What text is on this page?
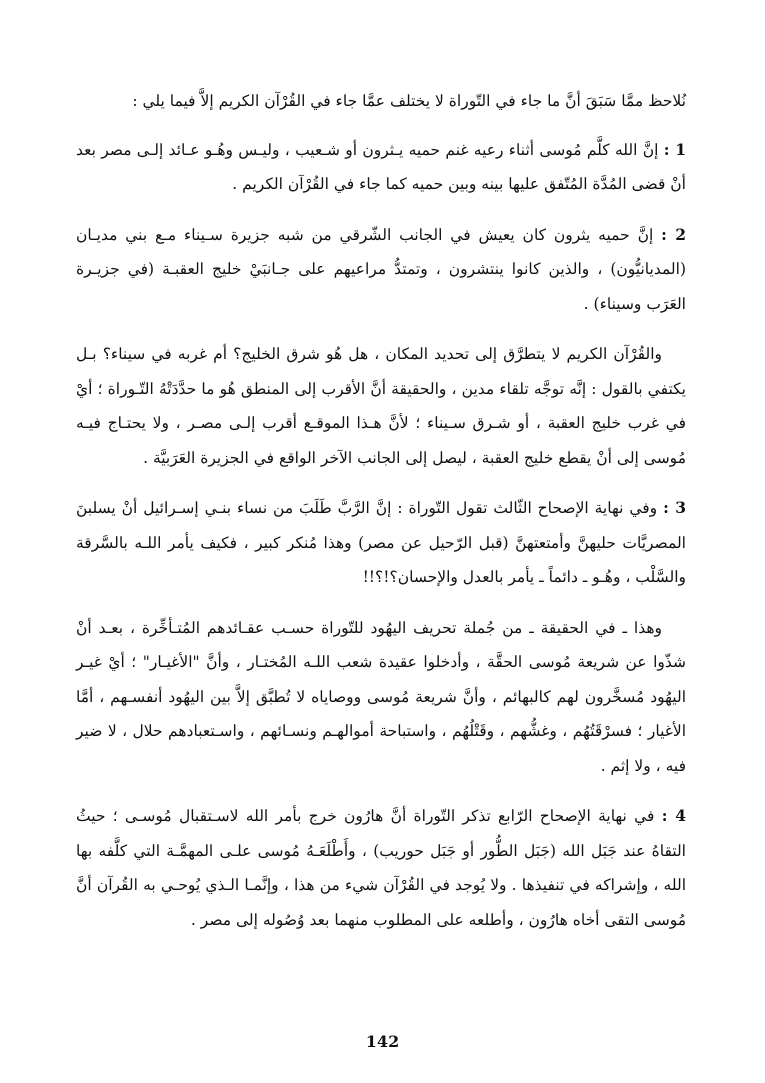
نُلاحظ ممَّا سَبَقَ أنَّ ما جاء في التّوراة لا يختلف عمَّا جاء في القُرْآن الكريم إلاَّ فيما يلي :

1 : إنَّ الله كلَّم مُوسى أثناء رعيه غنم حميه يـثرون أو شـعيب ، وليـس وهُـو عـائد إلـى مصر بعد أنْ قضى المُدَّة المُتّفق عليها بينه وبين حميه كما جاء في القُرْآن الكريم .

2 : إنَّ حميه يثرون كان يعيش في الجانب الشّرقي من شبه جزيرة سـيناء مـع بني مديـان (المديانيُّون) ، والذين كانوا ينتشرون ، وتمتدُّ مراعيهم على جـانبَيْ خليج العقبـة (في جزيـرة العَرَب وسيناء) .

والقُرْآن الكريم لا يتطرَّق إلى تحديد المكان ، هل هُو شرق الخليج؟ أم غربه في سيناء؟ بـل يكتفي بالقول : إنَّه توجَّه تلقاء مدين ، والحقيقة أنَّ الأقرب إلى المنطق هُو ما حدَّدَتْهُ التّـوراة ؛ أيْ في غرب خليج العقبة ، أو شـرق سـيناء ؛ لأنَّ هـذا الموقـع أقرب إلـى مصـر ، ولا يحتـاج فيـه مُوسى إلى أنْ يقطع خليج العقبة ، ليصل إلى الجانب الآخر الواقع في الجزيرة العَرَبيَّة .

3 : وفي نهاية الإصحاح الثّالث تقول التّوراة : إنَّ الرَّبَّ طَلَبَ من نساء بنـي إسـرائيل أنْ يسلبنَ المصريَّات حليهنَّ وأمتعتهنَّ (قبل الرّحيل عن مصر) وهذا مُنكر كبير ، فكيف يأمر اللـه بالسَّرقة والسَّلْب ، وهُـو ـ دائماً ـ يأمر بالعدل والإحسان؟!؟!!

وهذا ـ في الحقيقة ـ من جُملة تحريف اليهُود للتّوراة حسـب عقـائدهم المُتـأخِّرة ، بعـد أنْ شذّوا عن شريعة مُوسى الحقَّة ، وأدخلوا عقيدة شعب اللـه المُختـار ، وأنَّ "الأغيـار" ؛ أيْ غيـر اليهُود مُسخَّرون لهم كالبهائم ، وأنَّ شريعة مُوسى ووصاياه لا تُطبَّق إلاَّ بين اليهُود أنفسـهم ، أمَّا الأغيار ؛ فسرْقَتُهُم ، وغشُّهم ، وقَتْلُهُم ، واستباحة أموالهـم ونسـائهم ، واسـتعبادهم حلال ، لا ضير فيه ، ولا إثم .

4 : في نهاية الإصحاح الرّابع تذكر التّوراة أنَّ هارُون خرج بأمر الله لاسـتقبال مُوسـى ؛ حيثُ التقاهُ عند جَبَل الله (جَبَل الطُّور أو جَبَل حوريب) ، وأَطْلَعَـهُ مُوسى علـى المهمَّـة التي كلَّفه بها الله ، وإشراكه في تنفيذها . ولا يُوجد في القُرْآن شيء من هذا ، وإنَّمـا الـذي يُوحـي به القُرآن أنَّ مُوسى التقى أخاه هارُون ، وأطلعه على المطلوب منهما بعد وُصُوله إلى مصر .

142
